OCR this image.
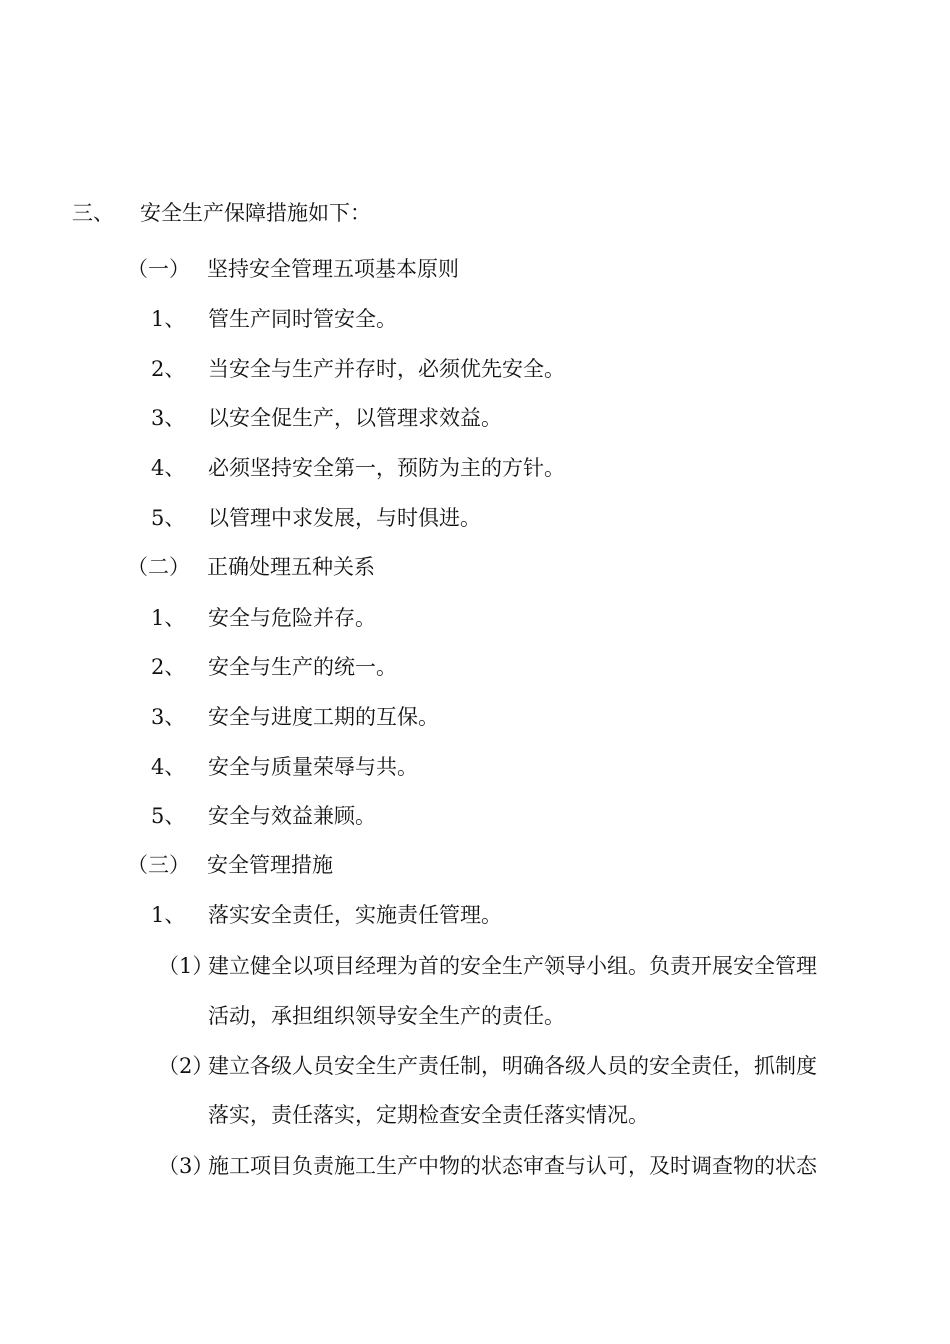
三、 安全生产保障措施如下：
（一） 坚持安全管理五项基本原则
1、 管生产同时管安全。
2、 当安全与生产并存时，必须优先安全。
3、 以安全促生产，以管理求效益。
4、 必须坚持安全第一，预防为主的方针。
5、 以管理中求发展，与时俱进。
（二） 正确处理五种关系
1、 安全与危险并存。
2、 安全与生产的统一。
3、 安全与进度工期的互保。
4、 安全与质量荣辱与共。
5、 安全与效益兼顾。
（三） 安全管理措施
1、 落实安全责任，实施责任管理。
（1）
建立健全以项目经理为首的安全生产领导小组。负责开展安全管理
活动，承担组织领导安全生产的责任。
（2）
建立各级人员安全生产责任制，明确各级人员的安全责任，抓制度
落实，责任落实，定期检查安全责任落实情况。
（3）
施工项目负责施工生产中物的状态审查与认可，及时调查物的状态
